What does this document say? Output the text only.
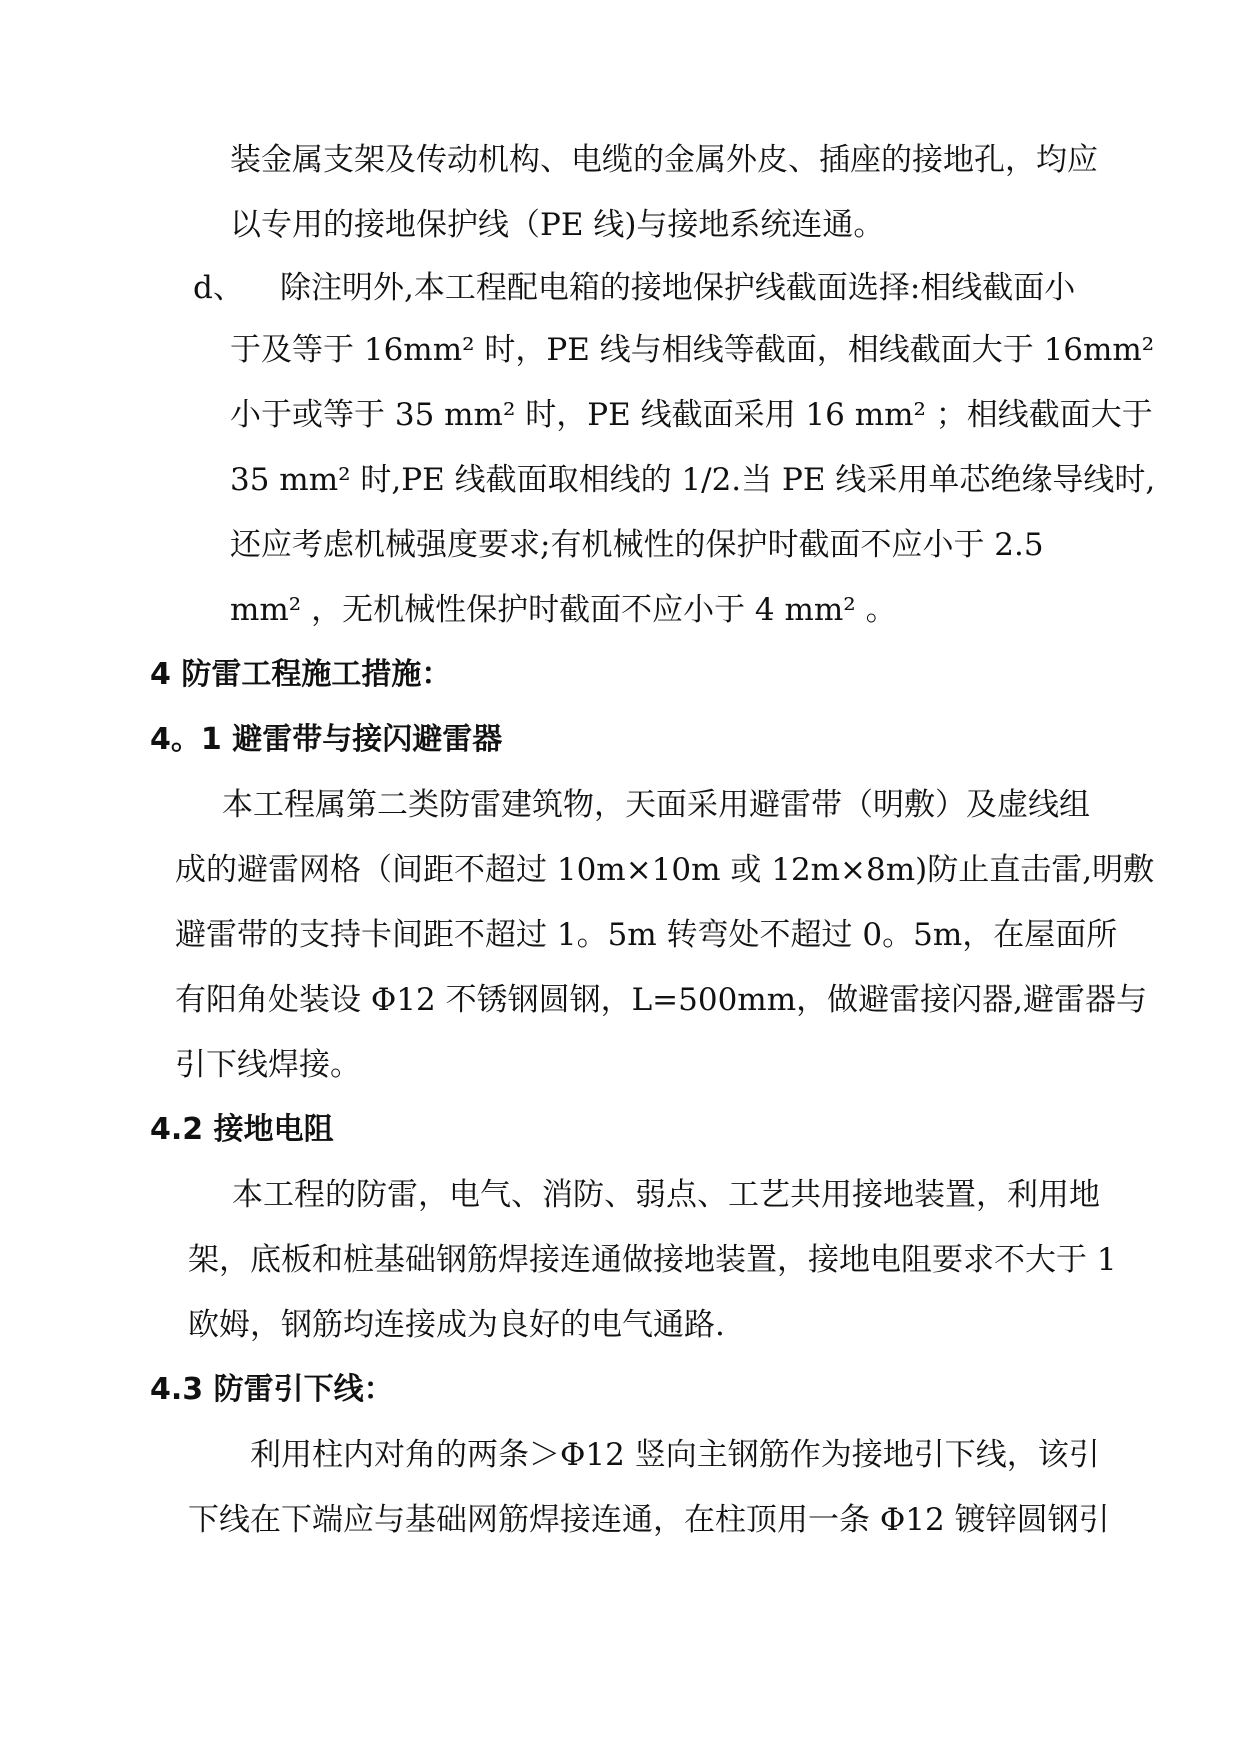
装金属支架及传动机构、电缆的金属外皮、插座的接地孔，均应
以专用的接地保护线（PE 线)与接地系统连通。
d、 除注明外,本工程配电箱的接地保护线截面选择:相线截面小
于及等于 16mm² 时，PE 线与相线等截面，相线截面大于 16mm²
小于或等于 35 mm² 时，PE 线截面采用 16 mm² ；相线截面大于
35 mm² 时,PE 线截面取相线的 1/2.当 PE 线采用单芯绝缘导线时,
还应考虑机械强度要求;有机械性的保护时截面不应小于 2.5
mm² ，无机械性保护时截面不应小于 4 mm² 。
4 防雷工程施工措施：
4。1 避雷带与接闪避雷器
本工程属第二类防雷建筑物，天面采用避雷带（明敷）及虚线组
成的避雷网格（间距不超过 10m×10m 或 12m×8m)防止直击雷,明敷
避雷带的支持卡间距不超过 1。5m 转弯处不超过 0。5m，在屋面所
有阳角处装设 Φ12 不锈钢圆钢，L=500mm，做避雷接闪器,避雷器与
引下线焊接。
4.2 接地电阻
本工程的防雷，电气、消防、弱点、工艺共用接地装置，利用地
架，底板和桩基础钢筋焊接连通做接地装置，接地电阻要求不大于 1
欧姆，钢筋均连接成为良好的电气通路.
4.3 防雷引下线：
利用柱内对角的两条＞Φ12 竖向主钢筋作为接地引下线，该引
下线在下端应与基础网筋焊接连通，在柱顶用一条 Φ12 镀锌圆钢引
